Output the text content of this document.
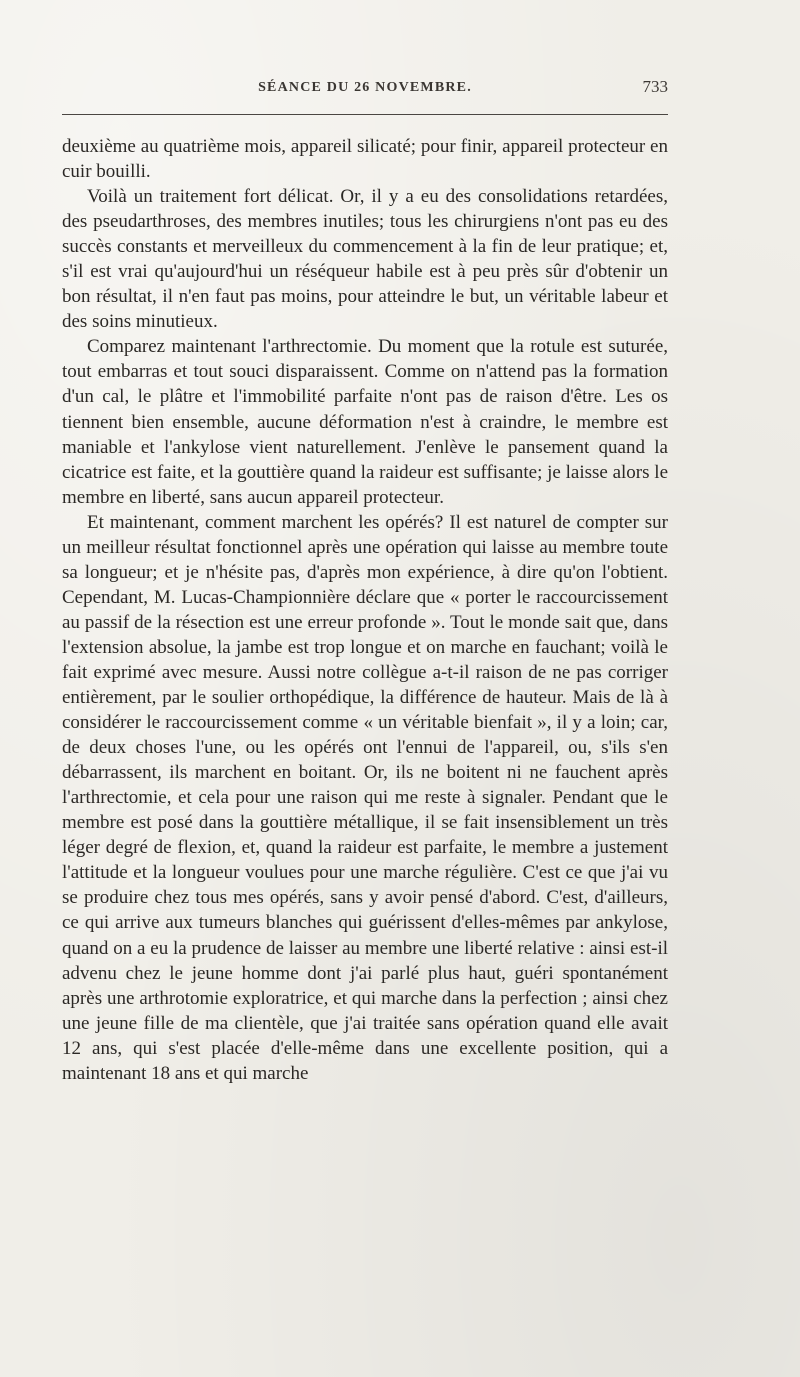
SÉANCE DU 26 NOVEMBRE.	733

deuxième au quatrième mois, appareil silicaté; pour finir, appareil protecteur en cuir bouilli.

Voilà un traitement fort délicat. Or, il y a eu des consolidations retardées, des pseudarthroses, des membres inutiles; tous les chirurgiens n'ont pas eu des succès constants et merveilleux du commencement à la fin de leur pratique; et, s'il est vrai qu'aujourd'hui un réséqueur habile est à peu près sûr d'obtenir un bon résultat, il n'en faut pas moins, pour atteindre le but, un véritable labeur et des soins minutieux.

Comparez maintenant l'arthrectomie. Du moment que la rotule est suturée, tout embarras et tout souci disparaissent. Comme on n'attend pas la formation d'un cal, le plâtre et l'immobilité parfaite n'ont pas de raison d'être. Les os tiennent bien ensemble, aucune déformation n'est à craindre, le membre est maniable et l'ankylose vient naturellement. J'enlève le pansement quand la cicatrice est faite, et la gouttière quand la raideur est suffisante; je laisse alors le membre en liberté, sans aucun appareil protecteur.

Et maintenant, comment marchent les opérés? Il est naturel de compter sur un meilleur résultat fonctionnel après une opération qui laisse au membre toute sa longueur; et je n'hésite pas, d'après mon expérience, à dire qu'on l'obtient. Cependant, M. Lucas-Championnière déclare que « porter le raccourcissement au passif de la résection est une erreur profonde ». Tout le monde sait que, dans l'extension absolue, la jambe est trop longue et on marche en fauchant; voilà le fait exprimé avec mesure. Aussi notre collègue a-t-il raison de ne pas corriger entièrement, par le soulier orthopédique, la différence de hauteur. Mais de là à considérer le raccourcissement comme « un véritable bienfait », il y a loin; car, de deux choses l'une, ou les opérés ont l'ennui de l'appareil, ou, s'ils s'en débarrassent, ils marchent en boitant. Or, ils ne boitent ni ne fauchent après l'arthrectomie, et cela pour une raison qui me reste à signaler. Pendant que le membre est posé dans la gouttière métallique, il se fait insensiblement un très léger degré de flexion, et, quand la raideur est parfaite, le membre a justement l'attitude et la longueur voulues pour une marche régulière. C'est ce que j'ai vu se produire chez tous mes opérés, sans y avoir pensé d'abord. C'est, d'ailleurs, ce qui arrive aux tumeurs blanches qui guérissent d'elles-mêmes par ankylose, quand on a eu la prudence de laisser au membre une liberté relative : ainsi est-il advenu chez le jeune homme dont j'ai parlé plus haut, guéri spontanément après une arthrotomie exploratrice, et qui marche dans la perfection ; ainsi chez une jeune fille de ma clientèle, que j'ai traitée sans opération quand elle avait 12 ans, qui s'est placée d'elle-même dans une excellente position, qui a maintenant 18 ans et qui marche
